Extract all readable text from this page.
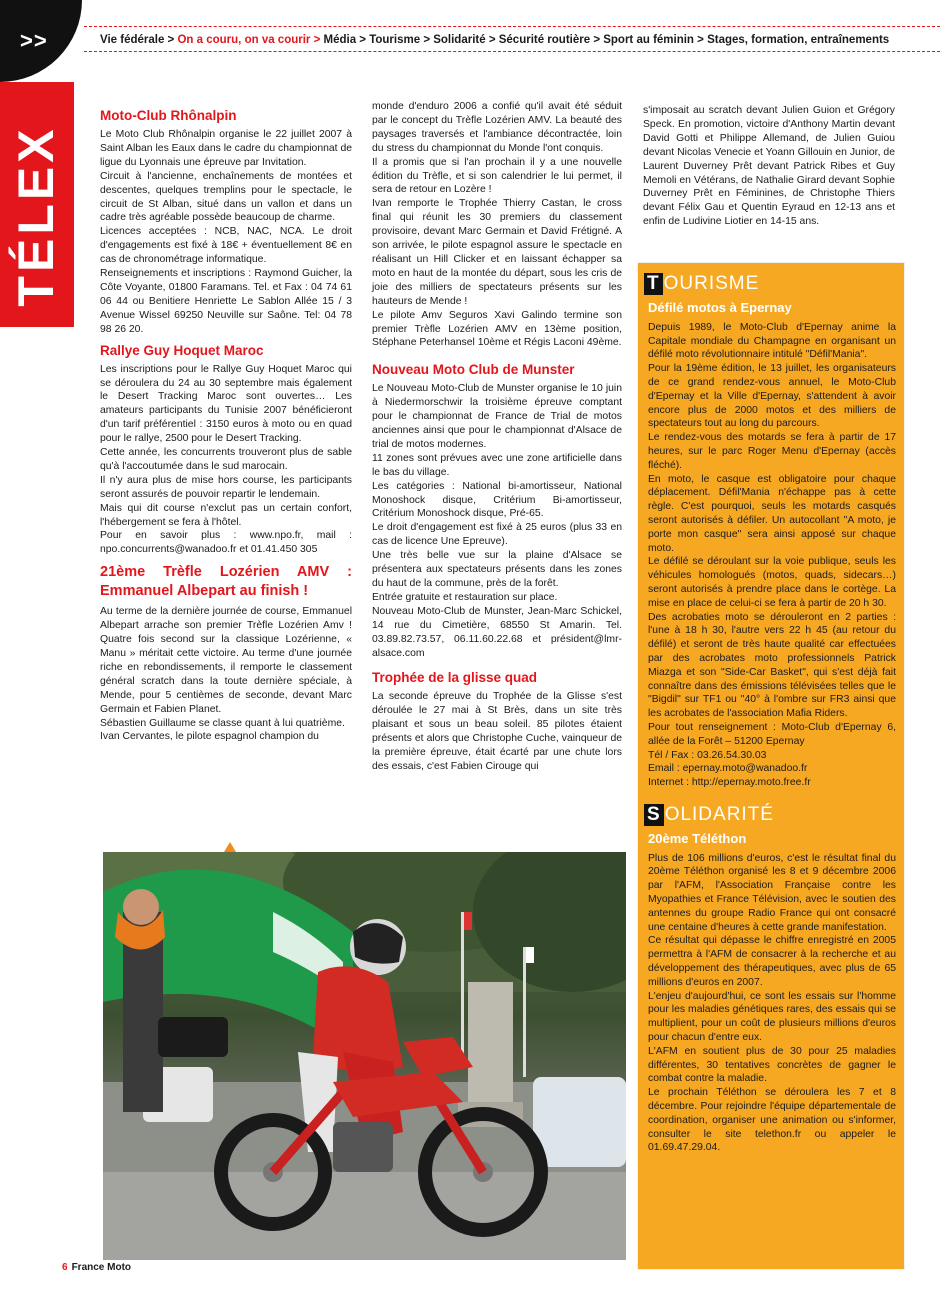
>>
TÉLEX
Vie fédérale > On a couru, on va courir > Média > Tourisme > Solidarité > Sécurité routière > Sport au féminin > Stages, formation, entraînements
Moto-Club Rhônalpin

Le Moto Club Rhônalpin organise le 22 juillet 2007 à Saint Alban les Eaux dans le cadre du championnat de ligue du Lyonnais une épreuve par Invitation.

Circuit à l'ancienne, enchaînements de montées et descentes, quelques tremplins pour le spectacle, le circuit de St Alban, situé dans un vallon et dans un cadre très agréable possède beaucoup de charme.

Licences acceptées : NCB, NAC, NCA. Le droit d'engagements est fixé à 18€ + éventuellement 8€ en cas de chronométrage informatique.

Renseignements et inscriptions : Raymond Guicher, la Côte Voyante, 01800 Faramans. Tel. et Fax : 04 74 61 06 44 ou Benitiere Henriette Le Sablon Allée 15 / 3 Avenue Wissel 69250 Neuville sur Saône. Tel: 04 78 98 26 20.

Rallye Guy Hoquet Maroc

Les inscriptions pour le Rallye Guy Hoquet Maroc qui se déroulera du 24 au 30 septembre mais également le Desert Tracking Maroc sont ouvertes… Les amateurs participants du Tunisie 2007 bénéficieront d'un tarif préférentiel : 3150 euros à moto ou en quad pour le rallye, 2500 pour le Desert Tracking.

Cette année, les concurrents trouveront plus de sable qu'à l'accoutumée dans le sud marocain.

Il n'y aura plus de mise hors course, les participants seront assurés de pouvoir repartir le lendemain.

Mais qui dit course n'exclut pas un certain confort, l'hébergement se fera à l'hôtel.

Pour en savoir plus : www.npo.fr, mail : npo.concurrents@wanadoo.fr et 01.41.450 305

21ème Trèfle Lozérien AMV : Emmanuel Albepart au finish !

Au terme de la dernière journée de course, Emmanuel Albepart arrache son premier Trèfle Lozérien Amv ! Quatre fois second sur la classique Lozérienne, « Manu » méritait cette victoire. Au terme d'une journée riche en rebondissements, il remporte le classement général scratch dans la toute dernière spéciale, à Mende, pour 5 centièmes de seconde, devant Marc Germain et Fabien Planet.

Sébastien Guillaume se classe quant à lui quatrième.

Ivan Cervantes, le pilote espagnol champion du

monde d'enduro 2006 a confié qu'il avait été séduit par le concept du Trèfle Lozérien AMV. La beauté des paysages traversés et l'ambiance décontractée, loin du stress du championnat du Monde l'ont conquis.

Il a promis que si l'an prochain il y a une nouvelle édition du Trèfle, et si son calendrier le lui permet, il sera de retour en Lozère !

Ivan remporte le Trophée Thierry Castan, le cross final qui réunit les 30 premiers du classement provisoire, devant Marc Germain et David Frétigné. A son arrivée, le pilote espagnol assure le spectacle en réalisant un Hill Clicker et en laissant échapper sa moto en haut de la montée du départ, sous les cris de joie des milliers de spectateurs présents sur les hauteurs de Mende !

Le pilote Amv Seguros Xavi Galindo termine son premier Trèfle Lozérien AMV en 13ème position, Stéphane Peterhansel 10ème et Régis Laconi 49ème.

Nouveau Moto Club de Munster

Le Nouveau Moto-Club de Munster organise le 10 juin à Niedermorschwir la troisième épreuve comptant pour le championnat de France de Trial de motos anciennes ainsi que pour le championnat d'Alsace de trial de motos modernes.

11 zones sont prévues avec une zone artificielle dans le bas du village.

Les catégories : National bi-amortisseur, National Monoshock disque, Critérium Bi-amortisseur, Critérium Monoshock disque, Pré-65.

Le droit d'engagement est fixé à 25 euros (plus 33 en cas de licence Une Epreuve).

Une très belle vue sur la plaine d'Alsace se présentera aux spectateurs présents dans les zones du haut de la commune, près de la forêt.

Entrée gratuite et restauration sur place.

Nouveau Moto-Club de Munster, Jean-Marc Schickel, 14 rue du Cimetière, 68550 St Amarin. Tel. 03.89.82.73.57, 06.11.60.22.68 et président@lmr-alsace.com

Trophée de la glisse quad

La seconde épreuve du Trophée de la Glisse s'est déroulée le 27 mai à St Brès, dans un site très plaisant et sous un beau soleil. 85 pilotes étaient présents et alors que Christophe Cuche, vainqueur de la première épreuve, était écarté par une chute lors des essais, c'est Fabien Cirouge qui

s'imposait au scratch devant Julien Guion et Grégory Speck. En promotion, victoire d'Anthony Martin devant David Gotti et Philippe Allemand, de Julien Guiou devant Nicolas Venecie et Yoann Gillouin en Junior, de Laurent Duverney Prêt devant Patrick Ribes et Guy Memoli en Vétérans, de Nathalie Girard devant Sophie Duverney Prêt en Féminines, de Christophe Thiers devant Félix Gau et Quentin Eyraud en 12-13 ans et enfin de Ludivine Liotier en 14-15 ans.

T OURISME
Défilé motos à Epernay

Depuis 1989, le Moto-Club d'Epernay anime la Capitale mondiale du Champagne en organisant un défilé moto révolutionnaire intitulé "Défil'Mania".

Pour la 19ème édition, le 13 juillet, les organisateurs de ce grand rendez-vous annuel, le Moto-Club d'Epernay et la Ville d'Epernay, s'attendent à avoir encore plus de 2000 motos et des milliers de spectateurs tout au long du parcours.

Le rendez-vous des motards se fera à partir de 17 heures, sur le parc Roger Menu d'Epernay (accès fléché).

En moto, le casque est obligatoire pour chaque déplacement. Défil'Mania n'échappe pas à cette règle. C'est pourquoi, seuls les motards casqués seront autorisés à défiler. Un autocollant "A moto, je porte mon casque" sera ainsi apposé sur chaque moto.

Le défilé se déroulant sur la voie publique, seuls les véhicules homologués (motos, quads, sidecars…) seront autorisés à prendre place dans le cortège. La mise en place de celui-ci se fera à partir de 20 h 30.

Des acrobaties moto se dérouleront en 2 parties : l'une à 18 h 30, l'autre vers 22 h 45 (au retour du défilé) et seront de très haute qualité car effectuées par des acrobates moto professionnels Patrick Miazga et son "Side-Car Basket", qui s'est déjà fait connaître dans des émissions télévisées telles que le "Bigdil" sur TF1 ou "40° à l'ombre sur FR3 ainsi que les acrobates de l'association Mafia Riders.

Pour tout renseignement : Moto-Club d'Epernay 6, allée de la Forêt – 51200 Epernay

Tél / Fax : 03.26.54.30.03

Email : epernay.moto@wanadoo.fr

Internet : http://epernay.moto.free.fr

S OLIDARITÉ
20ème Téléthon

Plus de 106 millions d'euros, c'est le résultat final du 20ème Téléthon organisé les 8 et 9 décembre 2006 par l'AFM, l'Association Française contre les Myopathies et France Télévision, avec le soutien des antennes du groupe Radio France qui ont consacré une centaine d'heures à cette grande manifestation.

Ce résultat qui dépasse le chiffre enregistré en 2005 permettra à l'AFM de consacrer à la recherche et au développement des thérapeutiques, avec plus de 65 millions d'euros en 2007.

L'enjeu d'aujourd'hui, ce sont les essais sur l'homme pour les maladies génétiques rares, des essais qui se multiplient, pour un coût de plusieurs millions d'euros pour chacun d'entre eux.

L'AFM en soutient plus de 30 pour 25 maladies différentes, 30 tentatives concrètes de gagner le combat contre la maladie.

Le prochain Téléthon se déroulera les 7 et 8 décembre. Pour rejoindre l'équipe départementale de coordination, organiser une animation ou s'informer, consulter le site telethon.fr ou appeler le 01.69.47.29.04.

6 France Moto
